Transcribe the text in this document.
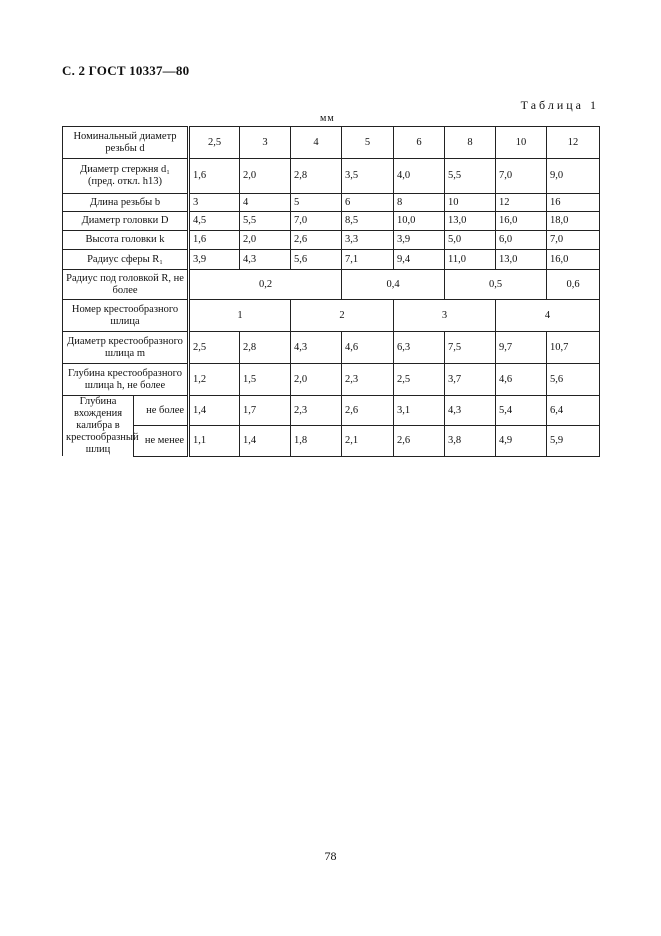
С. 2 ГОСТ 10337—80
Таблица 1
мм
Номинальный диаметр резьбы d		2,5	3	4	5	6	8	10	12
Диаметр стержня d₁ (пред. откл. h13)		1,6	2,0	2,8	3,5	4,0	5,5	7,0	9,0
Длина резьбы b		3	4	5	6	8	10	12	16
Диаметр головки D		4,5	5,5	7,0	8,5	10,0	13,0	16,0	18,0
Высота головки k		1,6	2,0	2,6	3,3	3,9	5,0	6,0	7,0
Радиус сферы R₁		3,9	4,3	5,6	7,1	9,4	11,0	13,0	16,0
Радиус под головкой R, не более		0,2			0,4		0,5		0,6
Номер крестообразного шлица		1		2		3		4	
Диаметр крестообразного шлица m		2,5	2,8	4,3	4,6	6,3	7,5	9,7	10,7
Глубина крестообразного шлица h, не более		1,2	1,5	2,0	2,3	2,5	3,7	4,6	5,6
Глубина вхождения калибра в крестообразный шлиц	не более	1,4	1,7	2,3	2,6	3,1	4,3	5,4	6,4
	не менее	1,1	1,4	1,8	2,1	2,6	3,8	4,9	5,9
78
